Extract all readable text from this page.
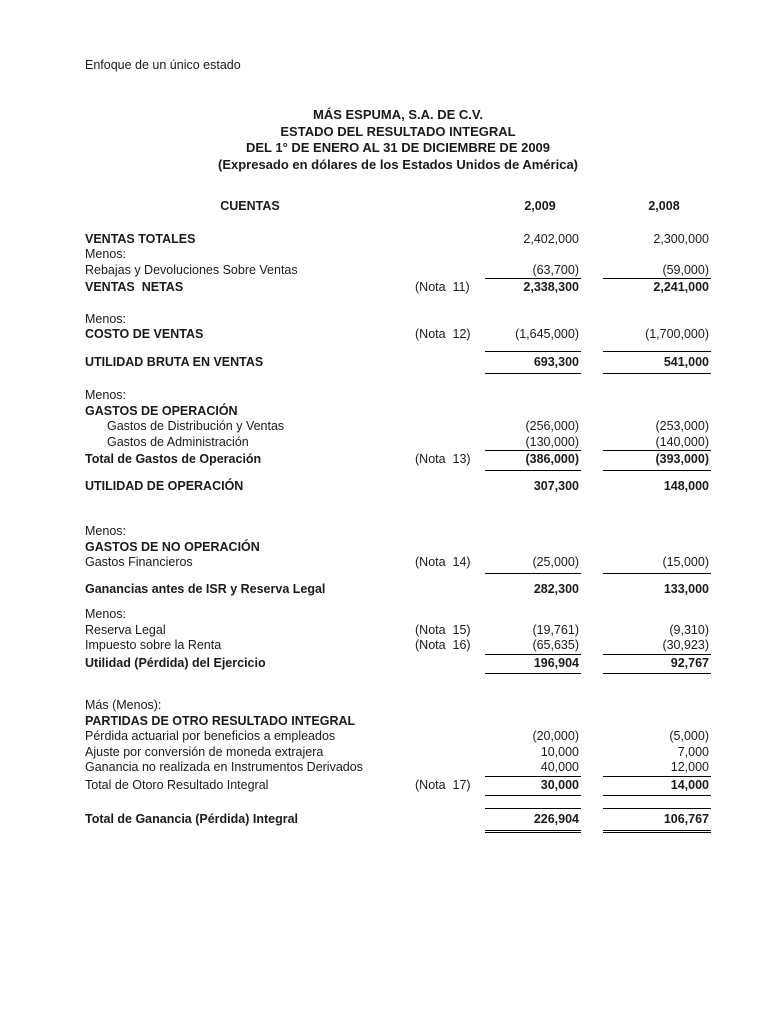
Enfoque de un único estado
MÁS ESPUMA, S.A. DE C.V.
ESTADO DEL RESULTADO INTEGRAL
DEL 1° DE ENERO AL 31 DE DICIEMBRE DE 2009
(Expresado en dólares de los Estados Unidos de América)
CUENTAS	2,009	2,008
VENTAS TOTALES	2,402,000	2,300,000
Menos:
Rebajas y Devoluciones Sobre Ventas	(63,700)	(59,000)
VENTAS  NETAS	(Nota  11)	2,338,300	2,241,000
Menos:
COSTO DE VENTAS	(Nota  12)	(1,645,000)	(1,700,000)
UTILIDAD BRUTA EN VENTAS	693,300	541,000
Menos:
GASTOS DE OPERACIÓN
Gastos de Distribución y Ventas	(256,000)	(253,000)
Gastos de Administración	(130,000)	(140,000)
Total de Gastos de Operación	(Nota  13)	(386,000)	(393,000)
UTILIDAD DE OPERACIÓN	307,300	148,000
Menos:
GASTOS DE NO OPERACIÓN
Gastos Financieros	(Nota  14)	(25,000)	(15,000)
Ganancias antes de ISR y Reserva Legal	282,300	133,000
Menos:
Reserva Legal	(Nota  15)	(19,761)	(9,310)
Impuesto sobre la Renta	(Nota  16)	(65,635)	(30,923)
Utilidad (Pérdida) del Ejercicio	196,904	92,767
Más (Menos):
PARTIDAS DE OTRO RESULTADO INTEGRAL
Pérdida actuarial por beneficios a empleados	(20,000)	(5,000)
Ajuste por conversión de moneda extrajera	10,000	7,000
Ganancia no realizada en Instrumentos Derivados	40,000	12,000
Total de Otoro Resultado Integral	(Nota  17)	30,000	14,000
Total de Ganancia (Pérdida) Integral	226,904	106,767
